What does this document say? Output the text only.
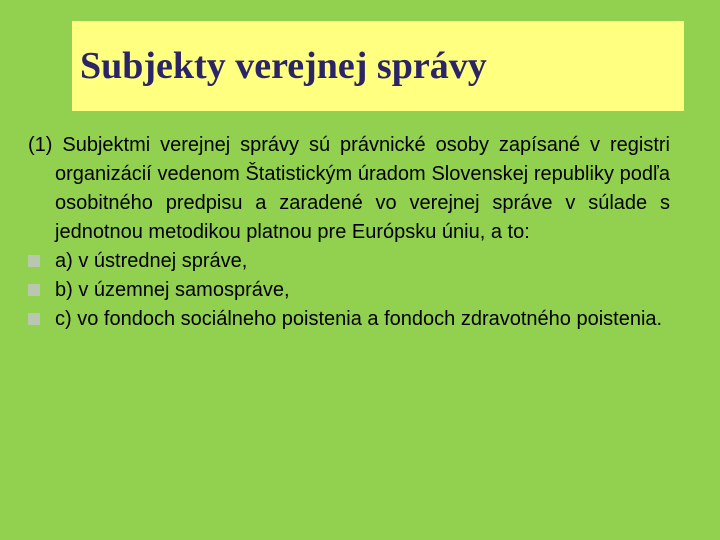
Subjekty verejnej správy

(1) Subjektmi verejnej správy sú právnické osoby zapísané v registri organizácií vedenom Štatistickým úradom Slovenskej republiky podľa osobitného predpisu a zaradené vo verejnej správe v súlade s jednotnou metodikou platnou pre Európsku úniu, a to:

a) v ústrednej správe,
b) v územnej samospráve,
c) vo fondoch sociálneho poistenia a fondoch zdravotného poistenia.
